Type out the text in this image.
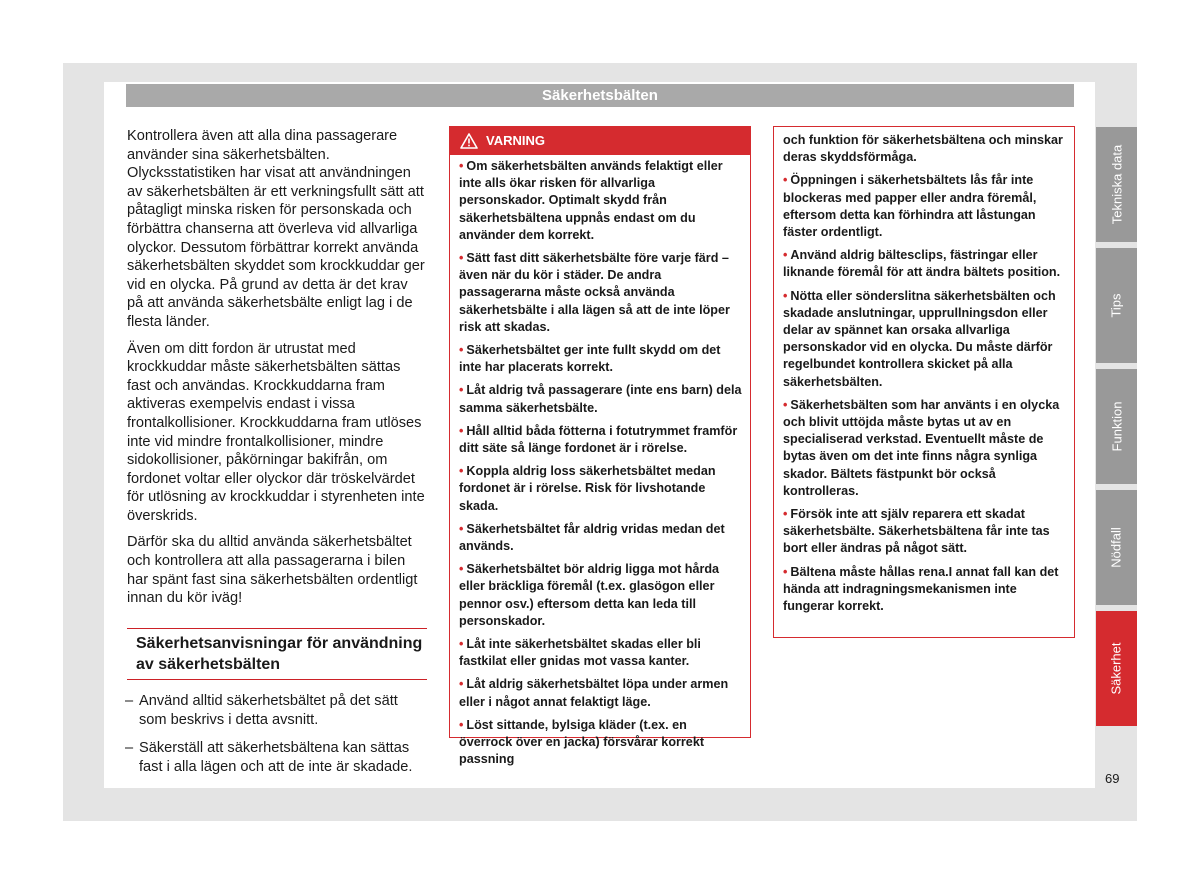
Säkerhetsbälten

Kontrollera även att alla dina passagerare använder sina säkerhetsbälten. Olycksstatistiken har visat att användningen av säkerhetsbälten är ett verkningsfullt sätt att påtagligt minska risken för personskada och förbättra chanserna att överleva vid allvarliga olyckor. Dessutom förbättrar korrekt använda säkerhetsbälten skyddet som krockkuddar ger vid en olycka. På grund av detta är det krav på att använda säkerhetsbälte enligt lag i de flesta länder.

Även om ditt fordon är utrustat med krockkuddar måste säkerhetsbälten sättas fast och användas. Krockkuddarna fram aktiveras exempelvis endast i vissa frontalkollisioner. Krockkuddarna fram utlöses inte vid mindre frontalkollisioner, mindre sidokollisioner, påkörningar bakifrån, om fordonet voltar eller olyckor där tröskelvärdet för utlösning av krockkuddar i styrenheten inte överskrids.

Därför ska du alltid använda säkerhetsbältet och kontrollera att alla passagerarna i bilen har spänt fast sina säkerhetsbälten ordentligt innan du kör iväg!

Säkerhetsanvisningar för användning av säkerhetsbälten
– Använd alltid säkerhetsbältet på det sätt som beskrivs i detta avsnitt.
– Säkerställ att säkerhetsbältena kan sättas fast i alla lägen och att de inte är skadade.
VARNING
• Om säkerhetsbälten används felaktigt eller inte alls ökar risken för allvarliga personskador. Optimalt skydd från säkerhetsbältena uppnås endast om du använder dem korrekt.
• Sätt fast ditt säkerhetsbälte före varje färd – även när du kör i städer. De andra passagerarna måste också använda säkerhetsbälte i alla lägen så att de inte löper risk att skadas.
• Säkerhetsbältet ger inte fullt skydd om det inte har placerats korrekt.
• Låt aldrig två passagerare (inte ens barn) dela samma säkerhetsbälte.
• Håll alltid båda fötterna i fotutrymmet framför ditt säte så länge fordonet är i rörelse.
• Koppla aldrig loss säkerhetsbältet medan fordonet är i rörelse. Risk för livshotande skada.
• Säkerhetsbältet får aldrig vridas medan det används.
• Säkerhetsbältet bör aldrig ligga mot hårda eller bräckliga föremål (t.ex. glasögon eller pennor osv.) eftersom detta kan leda till personskador.
• Låt inte säkerhetsbältet skadas eller bli fastkilat eller gnidas mot vassa kanter.
• Låt aldrig säkerhetsbältet löpa under armen eller i något annat felaktigt läge.
• Löst sittande, bylsiga kläder (t.ex. en överrock över en jacka) försvårar korrekt passning

och funktion för säkerhetsbältena och minskar deras skyddsförmåga.

• Öppningen i säkerhetsbältets lås får inte blockeras med papper eller andra föremål, eftersom detta kan förhindra att låstungan fäster ordentligt.
• Använd aldrig bältesclips, fästringar eller liknande föremål för att ändra bältets position.
• Nötta eller sönderslitna säkerhetsbälten och skadade anslutningar, upprullningsdon eller delar av spännet kan orsaka allvarliga personskador vid en olycka. Du måste därför regelbundet kontrollera skicket på alla säkerhetsbälten.
• Säkerhetsbälten som har använts i en olycka och blivit uttöjda måste bytas ut av en specialiserad verkstad. Eventuellt måste de bytas även om det inte finns några synliga skador. Bältets fästpunkt bör också kontrolleras.
• Försök inte att själv reparera ett skadat säkerhetsbälte. Säkerhetsbältena får inte tas bort eller ändras på något sätt.
• Bältena måste hållas rena.I annat fall kan det hända att indragningsmekanismen inte fungerar korrekt.
Tekniska data
Tips
Funktion
Nödfall
Säkerhet
69
